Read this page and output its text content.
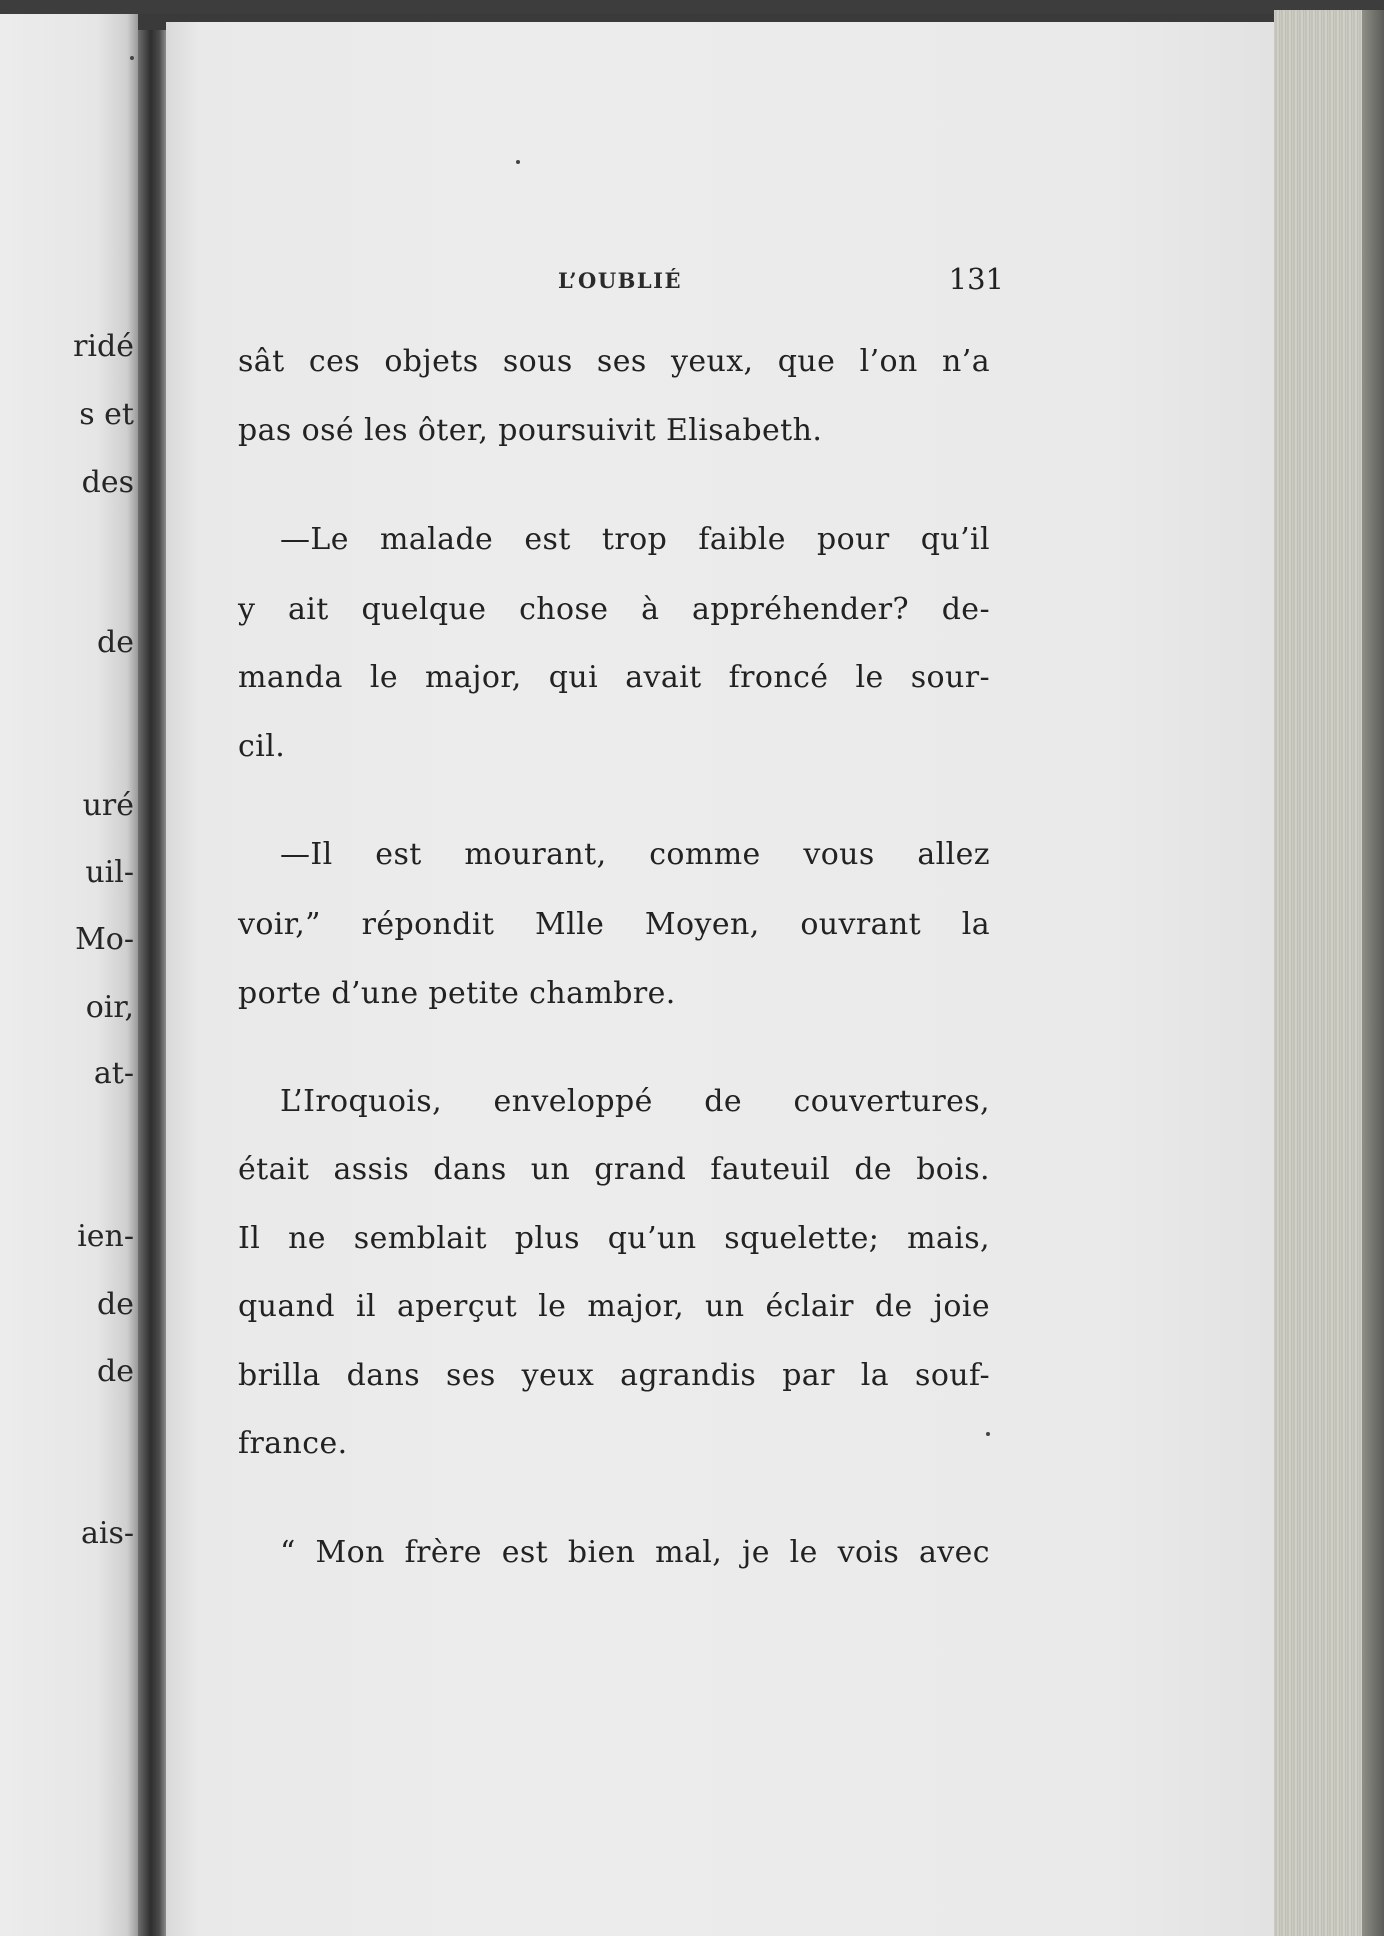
ridé
s et
des
de
uré
uil-
Mo-
oir,
at-
ien-
de
de
ais-
L’OUBLIÉ	131
sât ces objets sous ses yeux, que l’on n’a
pas osé les ôter, poursuivit Elisabeth.
—Le malade est trop faible pour qu’il
y ait quelque chose à appréhender? de-
manda le major, qui avait froncé le sour-
cil.
—Il est mourant, comme vous allez
voir,” répondit Mlle Moyen, ouvrant la
porte d’une petite chambre.
L’Iroquois, enveloppé de couvertures,
était assis dans un grand fauteuil de bois.
Il ne semblait plus qu’un squelette; mais,
quand il aperçut le major, un éclair de joie
brilla dans ses yeux agrandis par la souf-
france.
“ Mon frère est bien mal, je le vois avec
